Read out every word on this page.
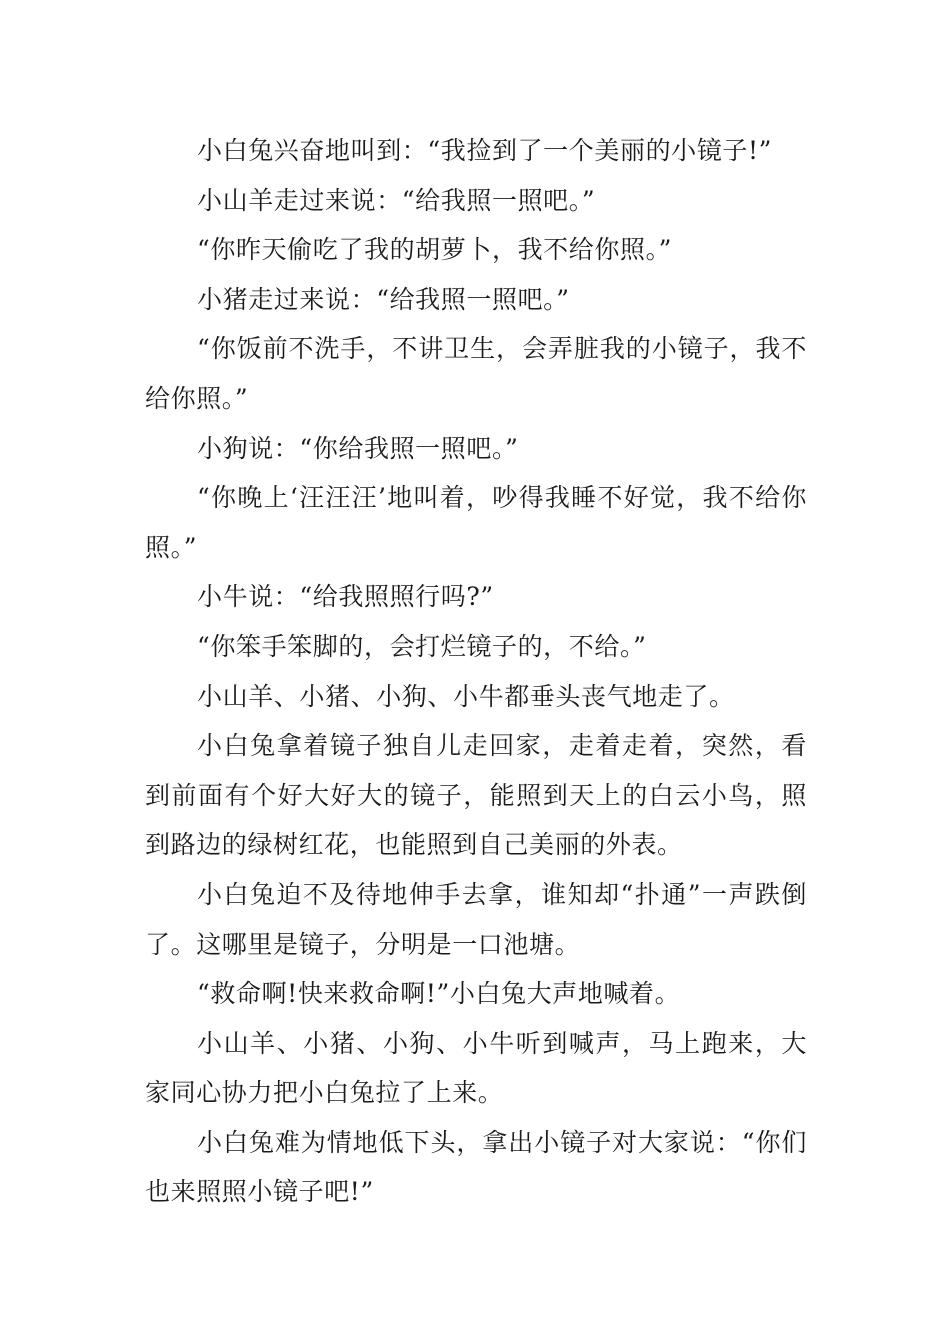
小白兔兴奋地叫到：“我捡到了一个美丽的小镜子!”

小山羊走过来说：“给我照一照吧。”

“你昨天偷吃了我的胡萝卜，我不给你照。”

小猪走过来说：“给我照一照吧。”

“你饭前不洗手，不讲卫生，会弄脏我的小镜子，我不给你照。”

小狗说：“你给我照一照吧。”

“你晚上‘汪汪汪’地叫着，吵得我睡不好觉，我不给你照。”

小牛说：“给我照照行吗?”

“你笨手笨脚的，会打烂镜子的，不给。”

小山羊、小猪、小狗、小牛都垂头丧气地走了。

小白兔拿着镜子独自儿走回家，走着走着，突然，看到前面有个好大好大的镜子，能照到天上的白云小鸟，照到路边的绿树红花，也能照到自己美丽的外表。

小白兔迫不及待地伸手去拿，谁知却“扑通”一声跌倒了。这哪里是镜子，分明是一口池塘。

“救命啊!快来救命啊!”小白兔大声地喊着。

小山羊、小猪、小狗、小牛听到喊声，马上跑来，大家同心协力把小白兔拉了上来。

小白兔难为情地低下头，拿出小镜子对大家说：“你们也来照照小镜子吧!”
